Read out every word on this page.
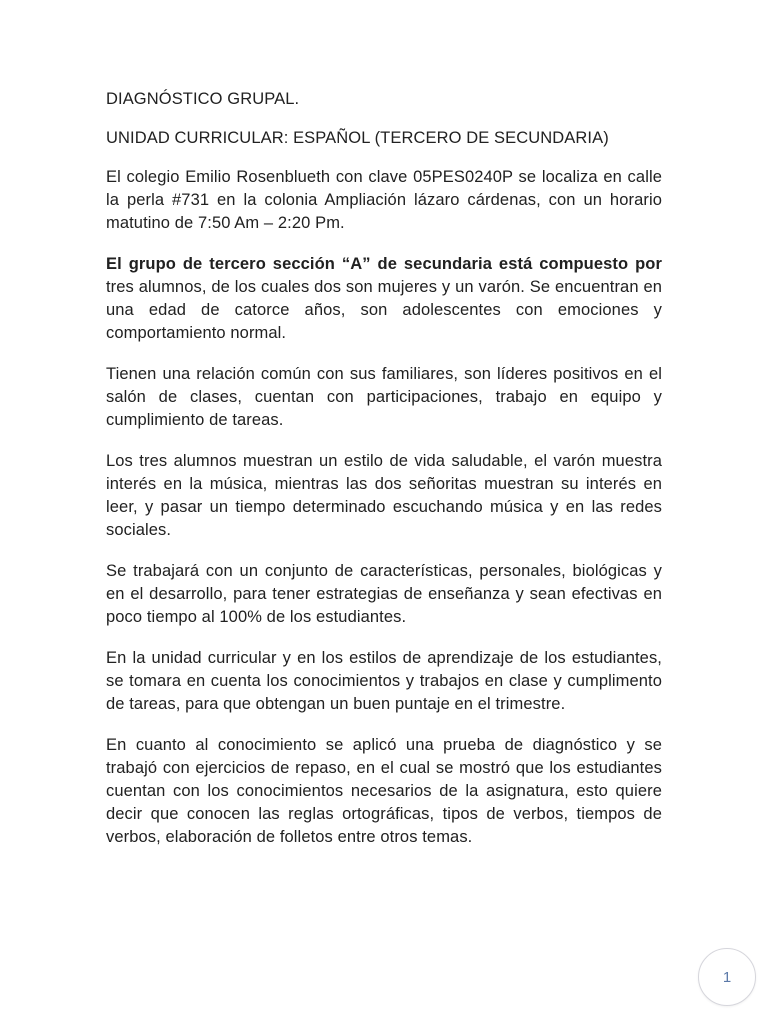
DIAGNÓSTICO GRUPAL.
UNIDAD CURRICULAR: ESPAÑOL (TERCERO DE SECUNDARIA)

El colegio Emilio Rosenblueth con clave 05PES0240P se localiza en calle la perla #731 en la colonia Ampliación lázaro cárdenas, con un horario matutino de 7:50 Am – 2:20 Pm.

El grupo de tercero sección “A” de secundaria está compuesto por tres alumnos, de los cuales dos son mujeres y un varón. Se encuentran en una edad de catorce años, son adolescentes con emociones y comportamiento normal.

Tienen una relación común con sus familiares, son líderes positivos en el salón de clases, cuentan con participaciones, trabajo en equipo y cumplimiento de tareas.

Los tres alumnos muestran un estilo de vida saludable, el varón muestra interés en la música, mientras las dos señoritas muestran su interés en leer, y pasar un tiempo determinado escuchando música y en las redes sociales.

Se trabajará con un conjunto de características, personales, biológicas y en el desarrollo, para tener estrategias de enseñanza y sean efectivas en poco tiempo al 100% de los estudiantes.

En la unidad curricular y en los estilos de aprendizaje de los estudiantes, se tomara en cuenta los conocimientos y trabajos en clase y cumplimento de tareas, para que obtengan un buen puntaje en el trimestre.

En cuanto al conocimiento se aplicó una prueba de diagnóstico y se trabajó con ejercicios de repaso, en el cual se mostró que los estudiantes cuentan con los conocimientos necesarios de la asignatura, esto quiere decir que conocen las reglas ortográficas, tipos de verbos, tiempos de verbos, elaboración de folletos entre otros temas.

1
